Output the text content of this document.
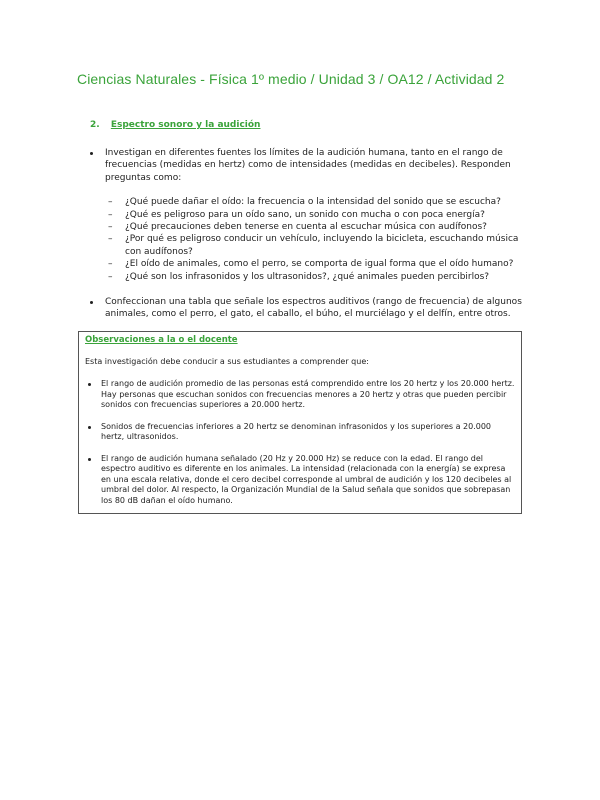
Ciencias Naturales - Física 1º medio / Unidad 3 / OA12 / Actividad 2
2. Espectro sonoro y la audición
Investigan en diferentes fuentes los límites de la audición humana, tanto en el rango de frecuencias (medidas en hertz) como de intensidades (medidas en decibeles). Responden preguntas como:
– ¿Qué puede dañar el oído: la frecuencia o la intensidad del sonido que se escucha?
– ¿Qué es peligroso para un oído sano, un sonido con mucha o con poca energía?
– ¿Qué precauciones deben tenerse en cuenta al escuchar música con audífonos?
– ¿Por qué es peligroso conducir un vehículo, incluyendo la bicicleta, escuchando música con audífonos?
– ¿El oído de animales, como el perro, se comporta de igual forma que el oído humano?
– ¿Qué son los infrasonidos y los ultrasonidos?, ¿qué animales pueden percibirlos?
Confeccionan una tabla que señale los espectros auditivos (rango de frecuencia) de algunos animales, como el perro, el gato, el caballo, el búho, el murciélago y el delfín, entre otros.
Observaciones a la o el docente
Esta investigación debe conducir a sus estudiantes a comprender que:
El rango de audición promedio de las personas está comprendido entre los 20 hertz y los 20.000 hertz. Hay personas que escuchan sonidos con frecuencias menores a 20 hertz y otras que pueden percibir sonidos con frecuencias superiores a 20.000 hertz.
Sonidos de frecuencias inferiores a 20 hertz se denominan infrasonidos y los superiores a 20.000 hertz, ultrasonidos.
El rango de audición humana señalado (20 Hz y 20.000 Hz) se reduce con la edad. El rango del espectro auditivo es diferente en los animales. La intensidad (relacionada con la energía) se expresa en una escala relativa, donde el cero decibel corresponde al umbral de audición y los 120 decibeles al umbral del dolor. Al respecto, la Organización Mundial de la Salud señala que sonidos que sobrepasan los 80 dB dañan el oído humano.
